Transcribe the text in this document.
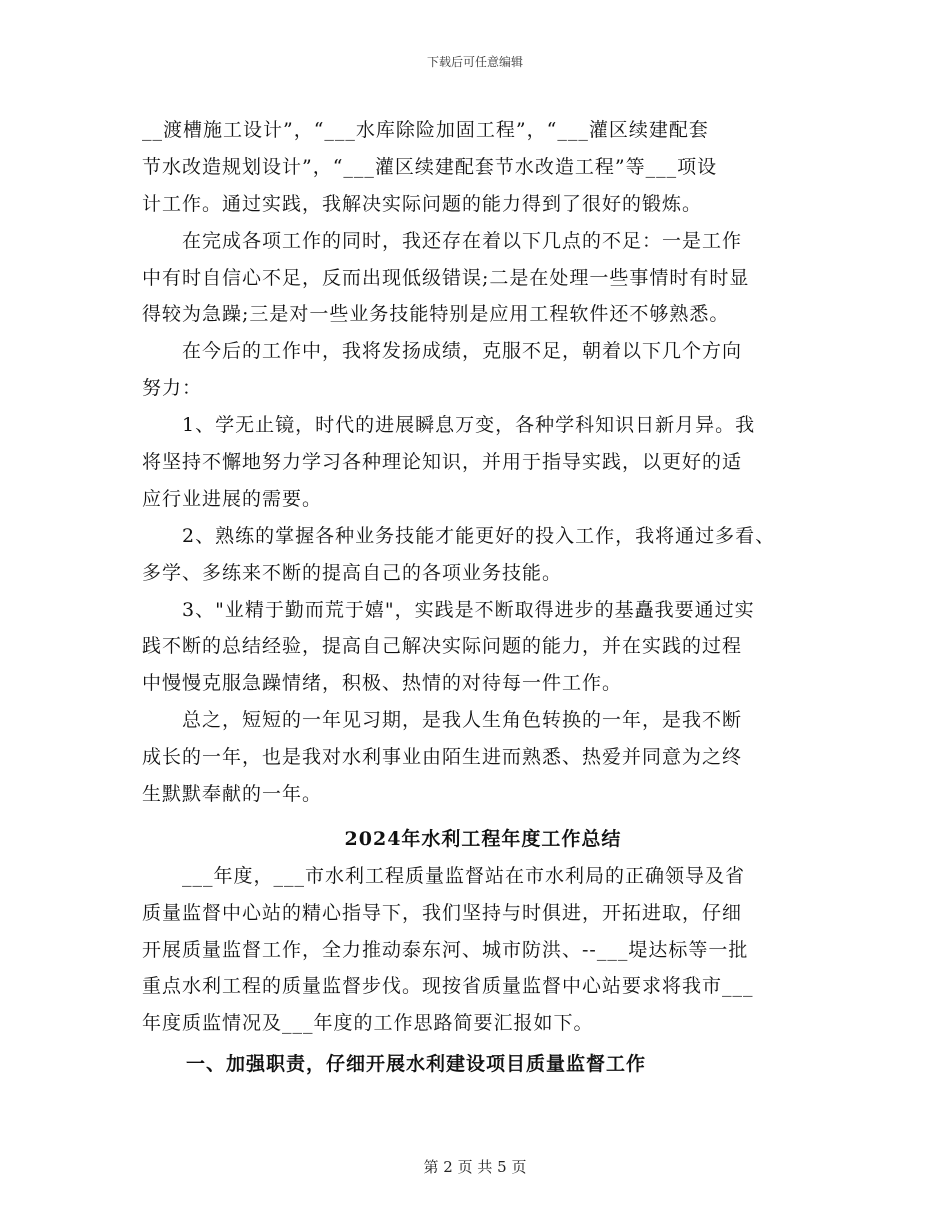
下载后可任意编辑
__渡槽施工设计”，“___水库除险加固工程”，“___灌区续建配套
节水改造规划设计”，“___灌区续建配套节水改造工程”等___项设
计工作。通过实践，我解决实际问题的能力得到了很好的锻炼。
在完成各项工作的同时，我还存在着以下几点的不足：一是工作
中有时自信心不足，反而出现低级错误;二是在处理一些事情时有时显
得较为急躁;三是对一些业务技能特别是应用工程软件还不够熟悉。
在今后的工作中，我将发扬成绩，克服不足，朝着以下几个方向
努力：
1、学无止镜，时代的进展瞬息万变，各种学科知识日新月异。我
将坚持不懈地努力学习各种理论知识，并用于指导实践，以更好的适
应行业进展的需要。
2、熟练的掌握各种业务技能才能更好的投入工作，我将通过多看、
多学、多练来不断的提高自己的各项业务技能。
3、"业精于勤而荒于嬉"，实践是不断取得进步的基矗我要通过实
践不断的总结经验，提高自己解决实际问题的能力，并在实践的过程
中慢慢克服急躁情绪，积极、热情的对待每一件工作。
总之，短短的一年见习期，是我人生角色转换的一年，是我不断
成长的一年，也是我对水利事业由陌生进而熟悉、热爱并同意为之终
生默默奉献的一年。
2024年水利工程年度工作总结
___年度，___市水利工程质量监督站在市水利局的正确领导及省
质量监督中心站的精心指导下，我们坚持与时俱进，开拓进取，仔细
开展质量监督工作，全力推动泰东河、城市防洪、--___堤达标等一批
重点水利工程的质量监督步伐。现按省质量监督中心站要求将我市___
年度质监情况及___年度的工作思路简要汇报如下。
一、加强职责，仔细开展水利建设项目质量监督工作
第 2 页 共 5 页
